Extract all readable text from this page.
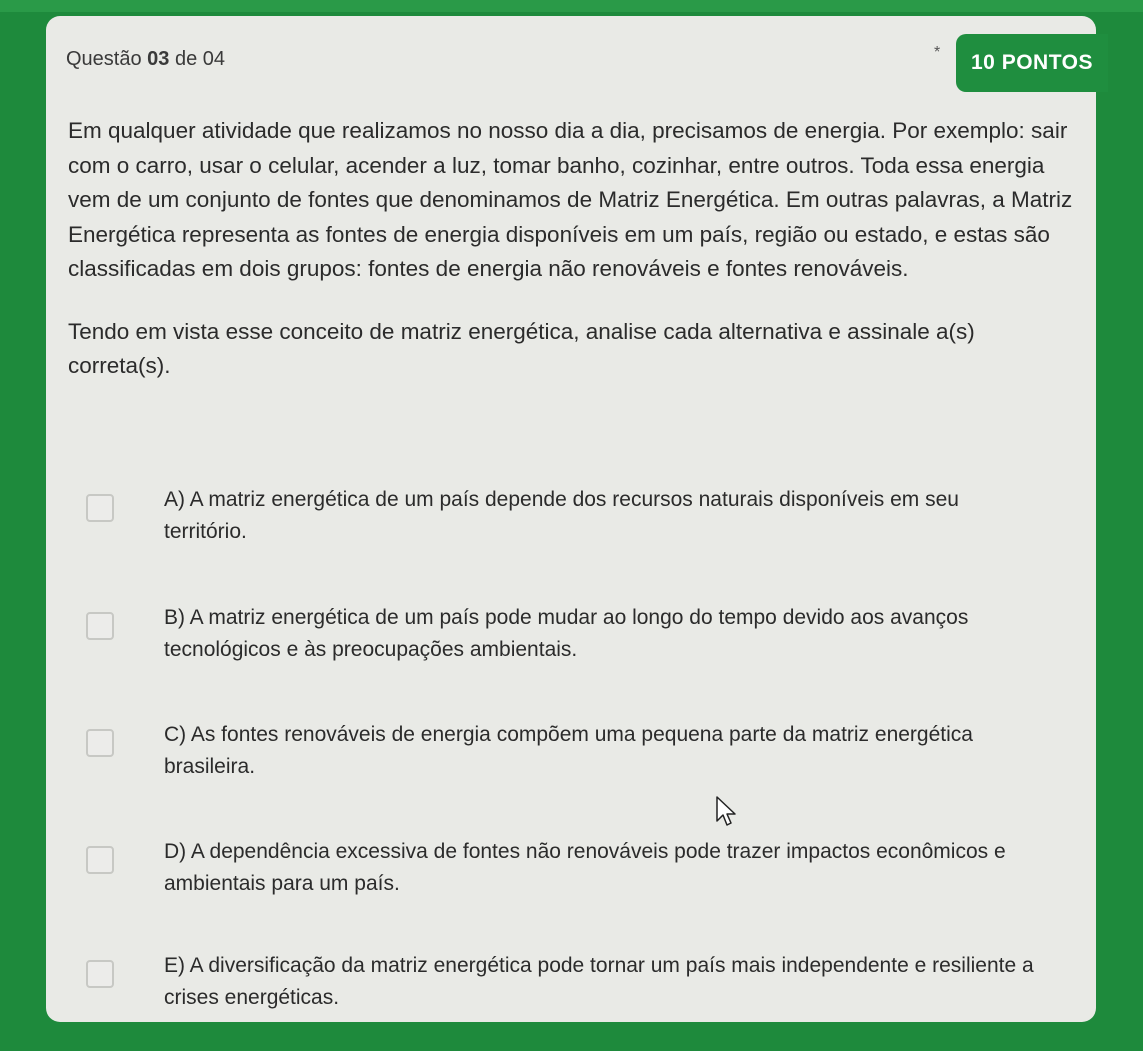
Questão 03 de 04	*	10 PONTOS

Em qualquer atividade que realizamos no nosso dia a dia, precisamos de energia. Por exemplo: sair com o carro, usar o celular, acender a luz, tomar banho, cozinhar, entre outros. Toda essa energia vem de um conjunto de fontes que denominamos de Matriz Energética. Em outras palavras, a Matriz Energética representa as fontes de energia disponíveis em um país, região ou estado, e estas são classificadas em dois grupos: fontes de energia não renováveis e fontes renováveis.

Tendo em vista esse conceito de matriz energética, analise cada alternativa e assinale a(s) correta(s).

A) A matriz energética de um país depende dos recursos naturais disponíveis em seu território.
B) A matriz energética de um país pode mudar ao longo do tempo devido aos avanços tecnológicos e às preocupações ambientais.
C) As fontes renováveis de energia compõem uma pequena parte da matriz energética brasileira.
D) A dependência excessiva de fontes não renováveis pode trazer impactos econômicos e ambientais para um país.
E) A diversificação da matriz energética pode tornar um país mais independente e resiliente a crises energéticas.
